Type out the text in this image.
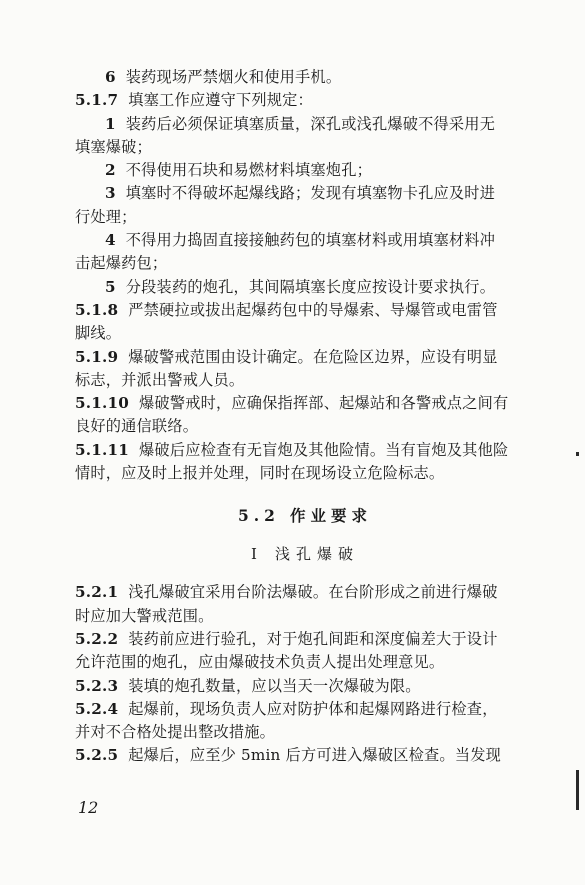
6 装药现场严禁烟火和使用手机。
5.1.7 填塞工作应遵守下列规定：
1 装药后必须保证填塞质量，深孔或浅孔爆破不得采用无
填塞爆破；
2 不得使用石块和易燃材料填塞炮孔；
3 填塞时不得破坏起爆线路；发现有填塞物卡孔应及时进
行处理；
4 不得用力捣固直接接触药包的填塞材料或用填塞材料冲
击起爆药包；
5 分段装药的炮孔，其间隔填塞长度应按设计要求执行。
5.1.8 严禁硬拉或拔出起爆药包中的导爆索、导爆管或电雷管
脚线。
5.1.9 爆破警戒范围由设计确定。在危险区边界，应设有明显
标志，并派出警戒人员。
5.1.10 爆破警戒时，应确保指挥部、起爆站和各警戒点之间有
良好的通信联络。
5.1.11 爆破后应检查有无盲炮及其他险情。当有盲炮及其他险
情时，应及时上报并处理，同时在现场设立危险标志。
5.2 作业要求
Ⅰ 浅孔爆破
5.2.1 浅孔爆破宜采用台阶法爆破。在台阶形成之前进行爆破
时应加大警戒范围。
5.2.2 装药前应进行验孔，对于炮孔间距和深度偏差大于设计
允许范围的炮孔，应由爆破技术负责人提出处理意见。
5.2.3 装填的炮孔数量，应以当天一次爆破为限。
5.2.4 起爆前，现场负责人应对防护体和起爆网路进行检查，
并对不合格处提出整改措施。
5.2.5 起爆后，应至少 5min 后方可进入爆破区检查。当发现
12
